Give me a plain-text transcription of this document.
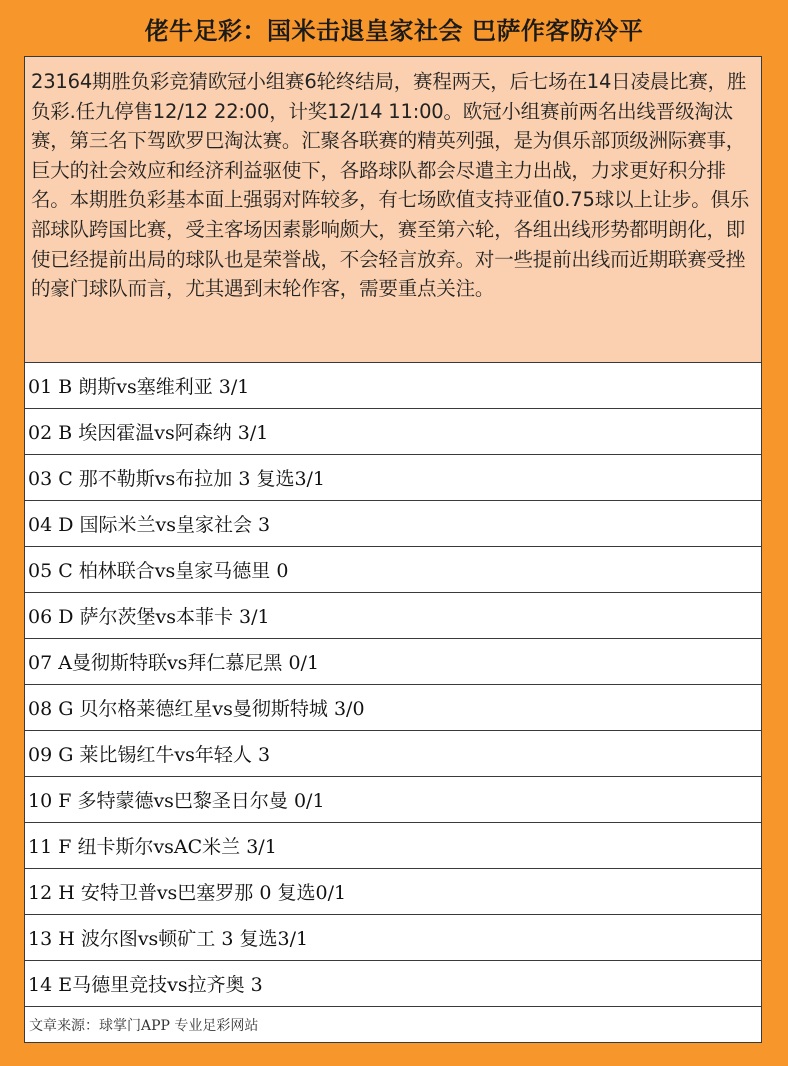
佬牛足彩：国米击退皇家社会 巴萨作客防冷平
23164期胜负彩竞猜欧冠小组赛6轮终结局，赛程两天，后七场在14日凌晨比赛，胜负彩.任九停售12/12 22:00，计奖12/14 11:00。欧冠小组赛前两名出线晋级淘汰赛，第三名下驾欧罗巴淘汰赛。汇聚各联赛的精英列强，是为俱乐部顶级洲际赛事，巨大的社会效应和经济利益驱使下，各路球队都会尽遣主力出战，力求更好积分排名。本期胜负彩基本面上强弱对阵较多，有七场欧值支持亚值0.75球以上让步。俱乐部球队跨国比赛，受主客场因素影响颇大，赛至第六轮，各组出线形势都明朗化，即使已经提前出局的球队也是荣誉战，不会轻言放弃。对一些提前出线而近期联赛受挫的豪门球队而言，尤其遇到末轮作客，需要重点关注。
01 B 朗斯vs塞维利亚 3/1
02 B 埃因霍温vs阿森纳 3/1
03 C 那不勒斯vs布拉加 3 复选3/1
04 D 国际米兰vs皇家社会 3
05 C 柏林联合vs皇家马德里 0
06 D 萨尔茨堡vs本菲卡 3/1
07 A曼彻斯特联vs拜仁慕尼黑 0/1
08 G 贝尔格莱德红星vs曼彻斯特城 3/0
09 G 莱比锡红牛vs年轻人 3
10 F 多特蒙德vs巴黎圣日尔曼 0/1
11 F 纽卡斯尔vsAC米兰 3/1
12 H 安特卫普vs巴塞罗那 0 复选0/1
13 H 波尔图vs顿矿工 3 复选3/1
14 E马德里竞技vs拉齐奥 3
文章来源：球掌门APP 专业足彩网站
